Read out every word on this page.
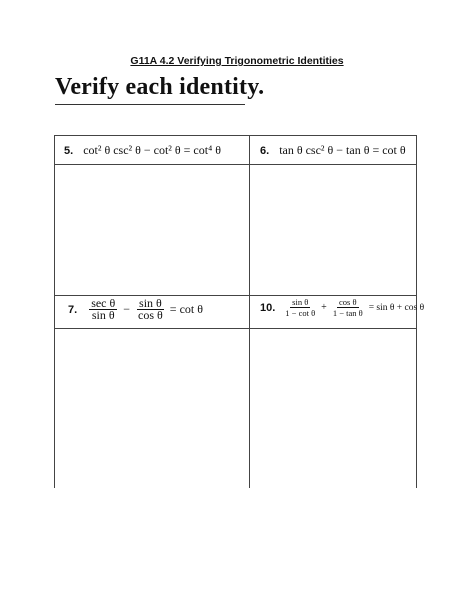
G11A 4.2 Verifying Trigonometric Identities
Verify each identity.
5. cot² θ csc² θ − cot² θ = cot⁴ θ	6. tan θ csc² θ − tan θ = cot θ
7. $\frac{\text{sec θ}}{\text{sin θ}} - \frac{\text{sin θ}}{\text{cos θ}} = \cot \theta$	10. $\frac{\text{sin θ}}{\text{1 − cot θ}} + \frac{\text{cos θ}}{\text{1 − tan θ}} = \sin \theta + \cos \theta$
